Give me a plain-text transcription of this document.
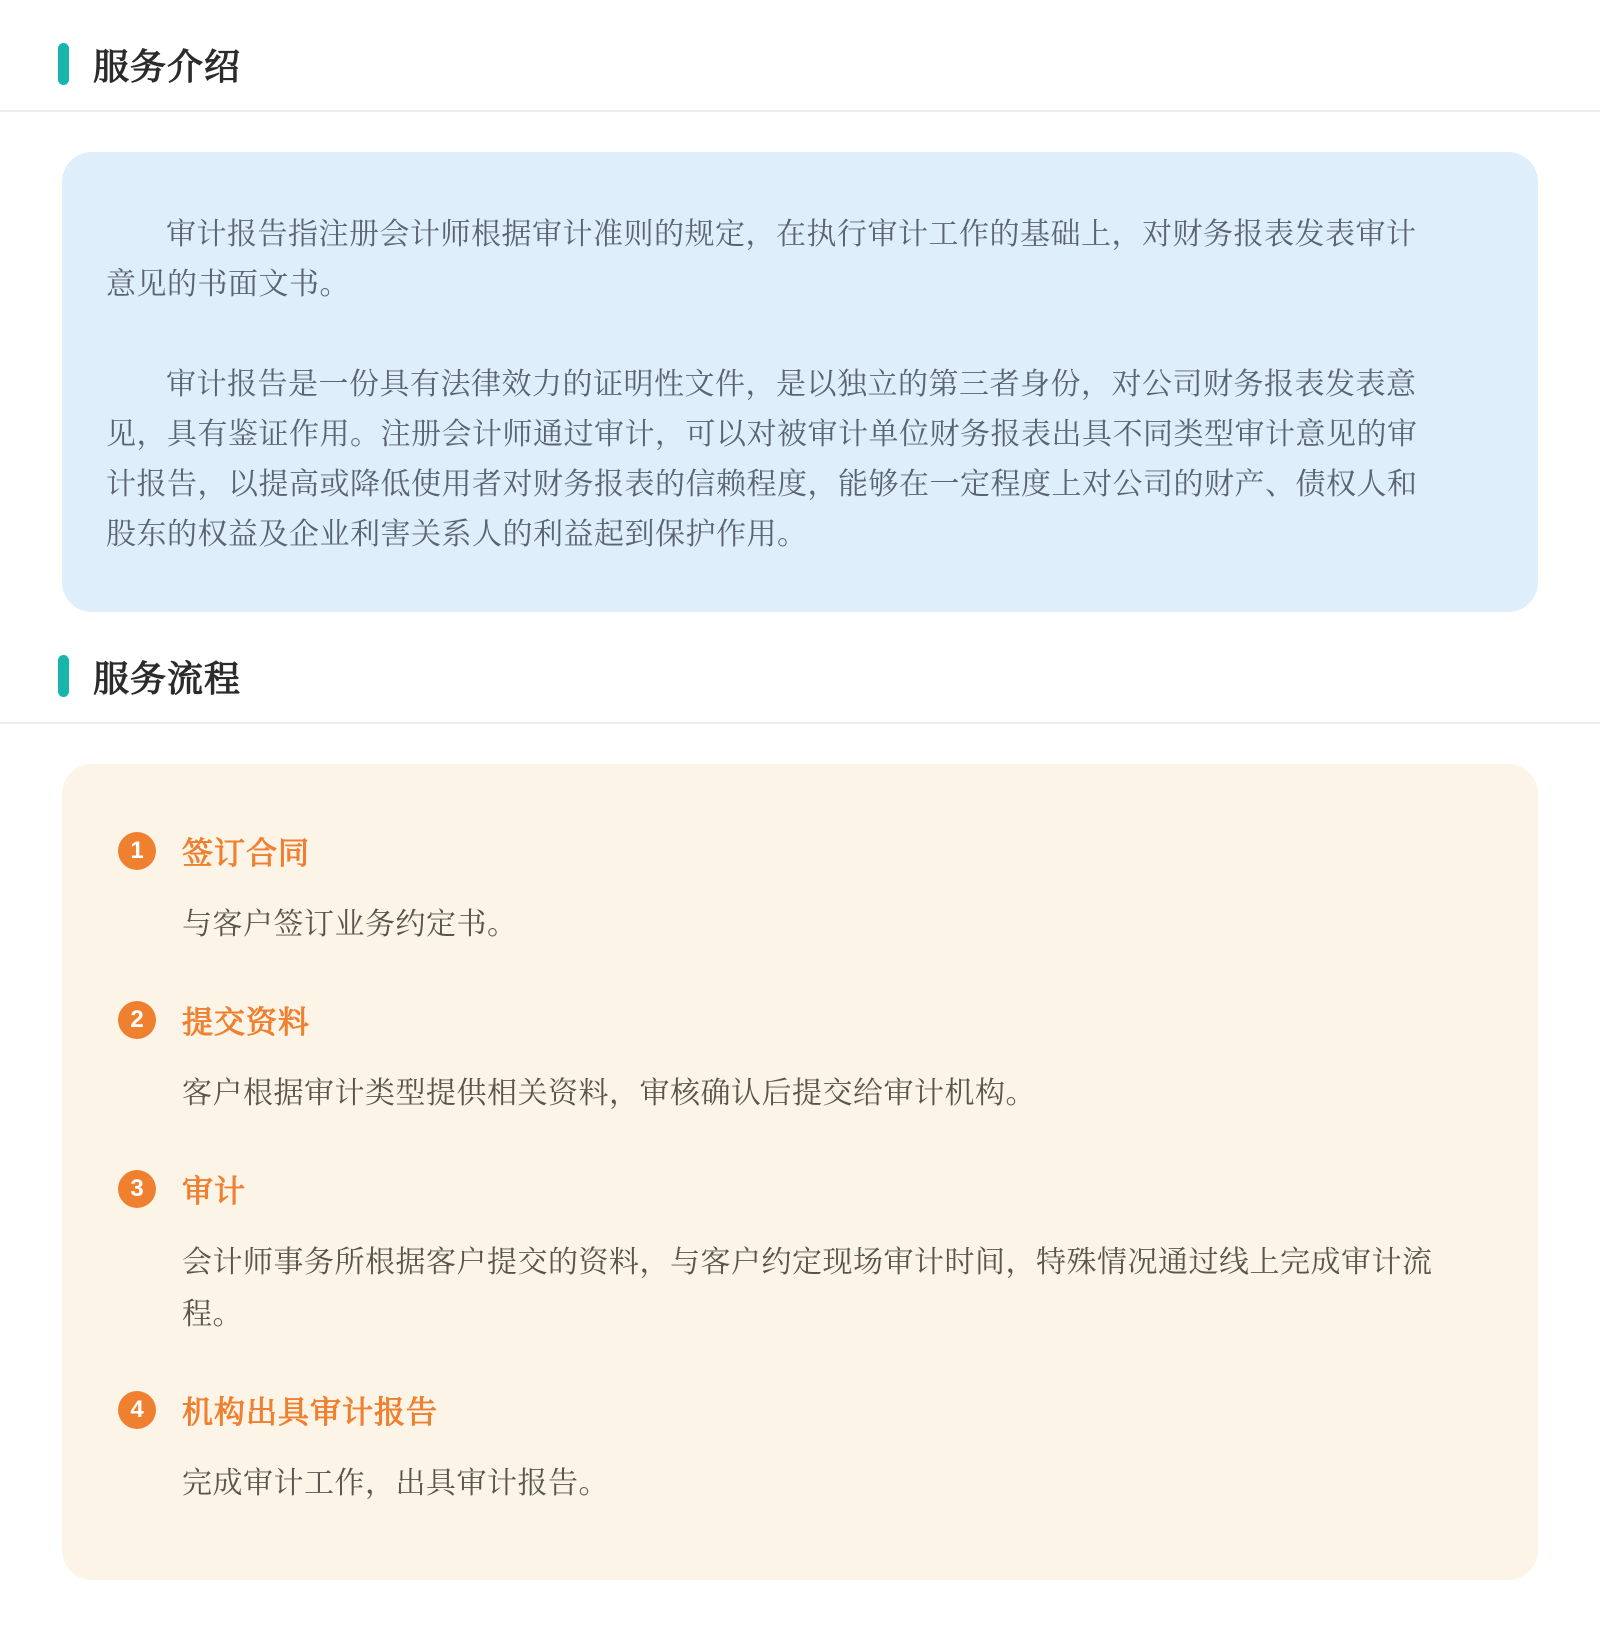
服务介绍

审计报告指注册会计师根据审计准则的规定，在执行审计工作的基础上，对财务报表发表审计意见的书面文书。

审计报告是一份具有法律效力的证明性文件，是以独立的第三者身份，对公司财务报表发表意见，具有鉴证作用。注册会计师通过审计，可以对被审计单位财务报表出具不同类型审计意见的审计报告，以提高或降低使用者对财务报表的信赖程度，能够在一定程度上对公司的财产、债权人和股东的权益及企业利害关系人的利益起到保护作用。

服务流程
1	签订合同

与客户签订业务约定书。

2	提交资料

客户根据审计类型提供相关资料，审核确认后提交给审计机构。

3	审计

会计师事务所根据客户提交的资料，与客户约定现场审计时间，特殊情况通过线上完成审计流程。

4	机构出具审计报告

完成审计工作，出具审计报告。
